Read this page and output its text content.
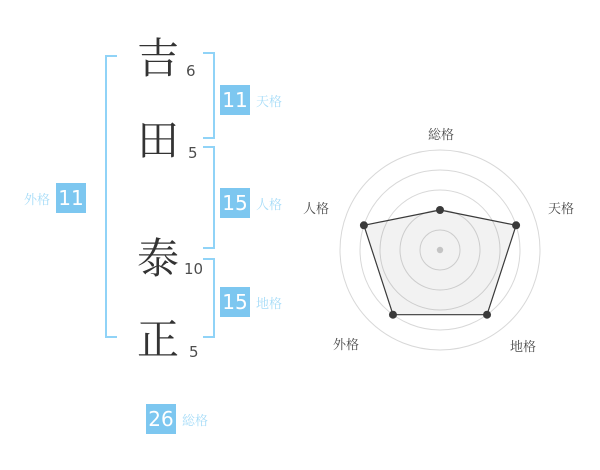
吉
田
泰
正
6
5
10
5
11 天格
15 人格
15 地格
外格 11
26 総格
総格
天格
地格
外格
人格
